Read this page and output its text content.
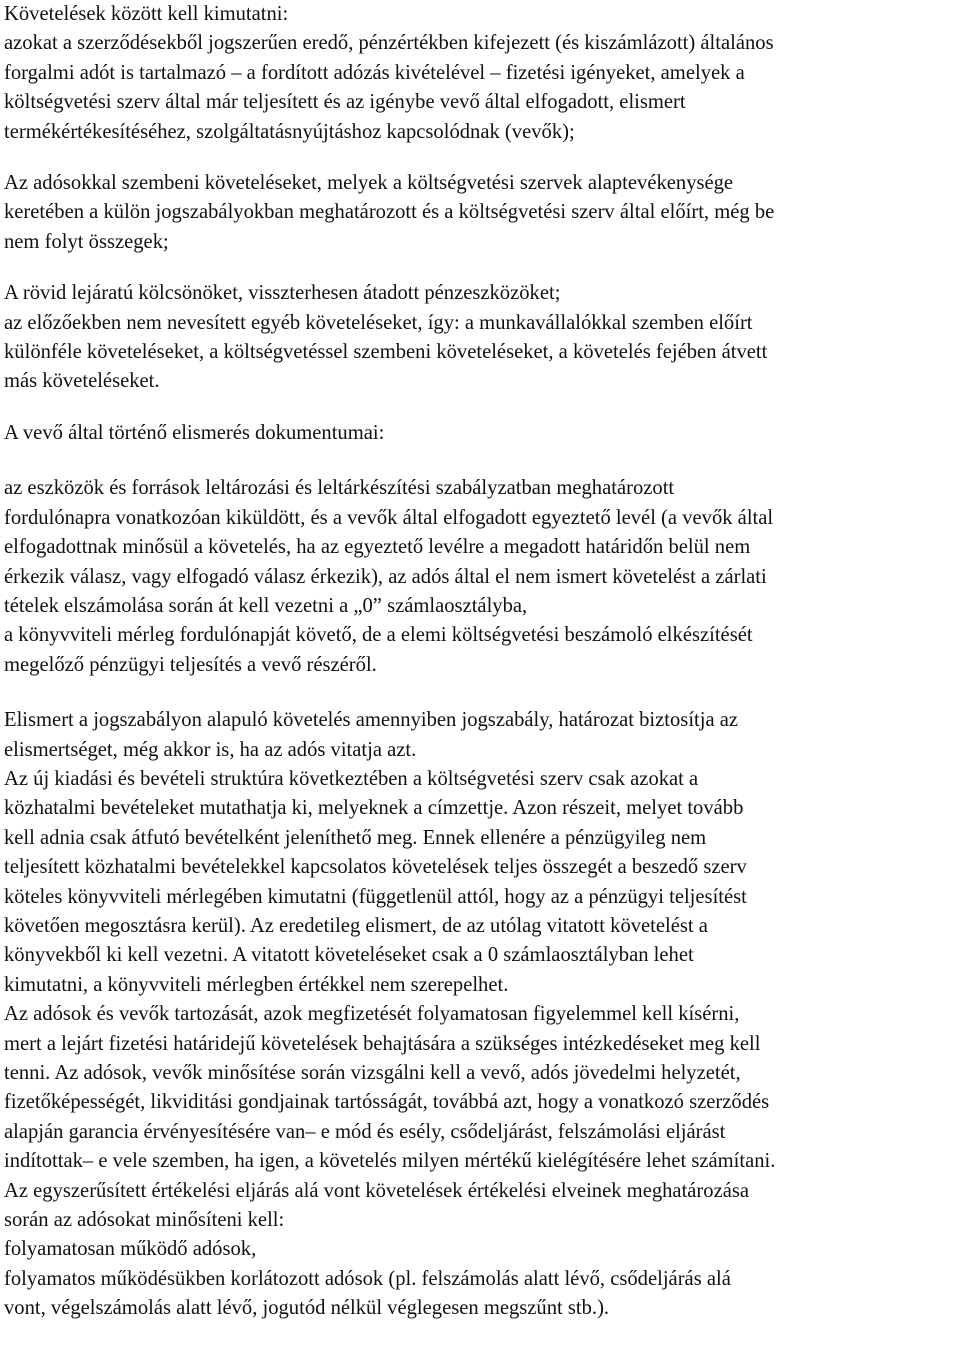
Követelések között kell kimutatni:
azokat a szerződésekből jogszerűen eredő, pénzértékben kifejezett (és kiszámlázott) általános
forgalmi adót is tartalmazó – a fordított adózás kivételével – fizetési igényeket, amelyek a
költségvetési szerv által már teljesített és az igénybe vevő által elfogadott, elismert
termékértékesítéséhez, szolgáltatásnyújtáshoz kapcsolódnak (vevők);
Az adósokkal szembeni követeléseket, melyek a költségvetési szervek alaptevékenysége
keretében a külön jogszabályokban meghatározott és a költségvetési szerv által előírt, még be
nem folyt összegek;
A rövid lejáratú kölcsönöket, visszterhesen átadott pénzeszközöket;
az előzőekben nem nevesített egyéb követeléseket, így: a munkavállalókkal szemben előírt
különféle követeléseket, a költségvetéssel szembeni követeléseket, a követelés fejében átvett
más követeléseket.
A vevő által történő elismerés dokumentumai:
az eszközök és források leltározási és leltárkészítési szabályzatban meghatározott
fordulónapra vonatkozóan kiküldött, és a vevők által elfogadott egyeztető levél (a vevők által
elfogadottnak minősül a követelés, ha az egyeztető levélre a megadott határidőn belül nem
érkezik válasz, vagy elfogadó válasz érkezik), az adós által el nem ismert követelést a zárlati
tételek elszámolása során át kell vezetni a „0” számlaosztályba,
a könyvviteli mérleg fordulónapját követő, de a elemi költségvetési beszámoló elkészítését
megelőző pénzügyi teljesítés a vevő részéről.
Elismert a jogszabályon alapuló követelés amennyiben jogszabály, határozat biztosítja az
elismertséget, még akkor is, ha az adós vitatja azt.
Az új kiadási és bevételi struktúra következtében a költségvetési szerv csak azokat a
közhatalmi bevételeket mutathatja ki, melyeknek a címzettje. Azon részeit, melyet tovább
kell adnia csak átfutó bevételként jeleníthető meg. Ennek ellenére a pénzügyileg nem
teljesített közhatalmi bevételekkel kapcsolatos követelések teljes összegét a beszedő szerv
köteles könyvviteli mérlegében kimutatni (függetlenül attól, hogy az a pénzügyi teljesítést
követően megosztásra kerül). Az eredetileg elismert, de az utólag vitatott követelést a
könyvekből ki kell vezetni. A vitatott követeléseket csak a 0 számlaosztályban lehet
kimutatni, a könyvviteli mérlegben értékkel nem szerepelhet.
Az adósok és vevők tartozását, azok megfizetését folyamatosan figyelemmel kell kísérni,
mert a lejárt fizetési határidejű követelések behajtására a szükséges intézkedéseket meg kell
tenni. Az adósok, vevők minősítése során vizsgálni kell a vevő, adós jövedelmi helyzetét,
fizetőképességét, likviditási gondjainak tartósságát, továbbá azt, hogy a vonatkozó szerződés
alapján garancia érvényesítésére van– e mód és esély, csődeljárást, felszámolási eljárást
indítottak– e vele szemben, ha igen, a követelés milyen mértékű kielégítésére lehet számítani.
Az egyszerűsített értékelési eljárás alá vont követelések értékelési elveinek meghatározása
során az adósokat minősíteni kell:
folyamatosan működő adósok,
folyamatos működésükben korlátozott adósok (pl. felszámolás alatt lévő, csődeljárás alá
vont, végelszámolás alatt lévő, jogutód nélkül véglegesen megszűnt stb.).
